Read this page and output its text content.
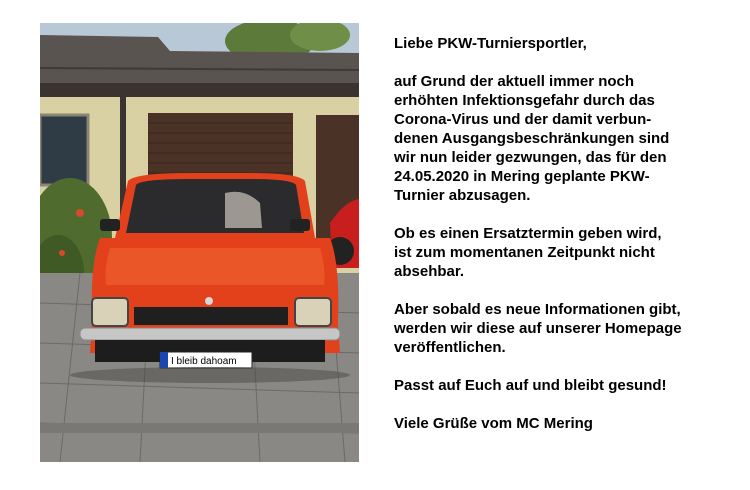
I bleib dahoam

Liebe PKW-Turniersportler,

auf Grund der aktuell immer noch
erhöhten Infektionsgefahr durch das
Corona-Virus und der damit verbun-
denen Ausgangsbeschränkungen sind
wir nun leider gezwungen, das für den
24.05.2020 in Mering geplante PKW-
Turnier abzusagen.

Ob es einen Ersatztermin geben wird,
ist zum momentanen Zeitpunkt nicht
absehbar.

Aber sobald es neue Informationen gibt,
werden wir diese auf unserer Homepage
veröffentlichen.

Passt auf Euch auf und bleibt gesund!

Viele Grüße vom MC Mering
